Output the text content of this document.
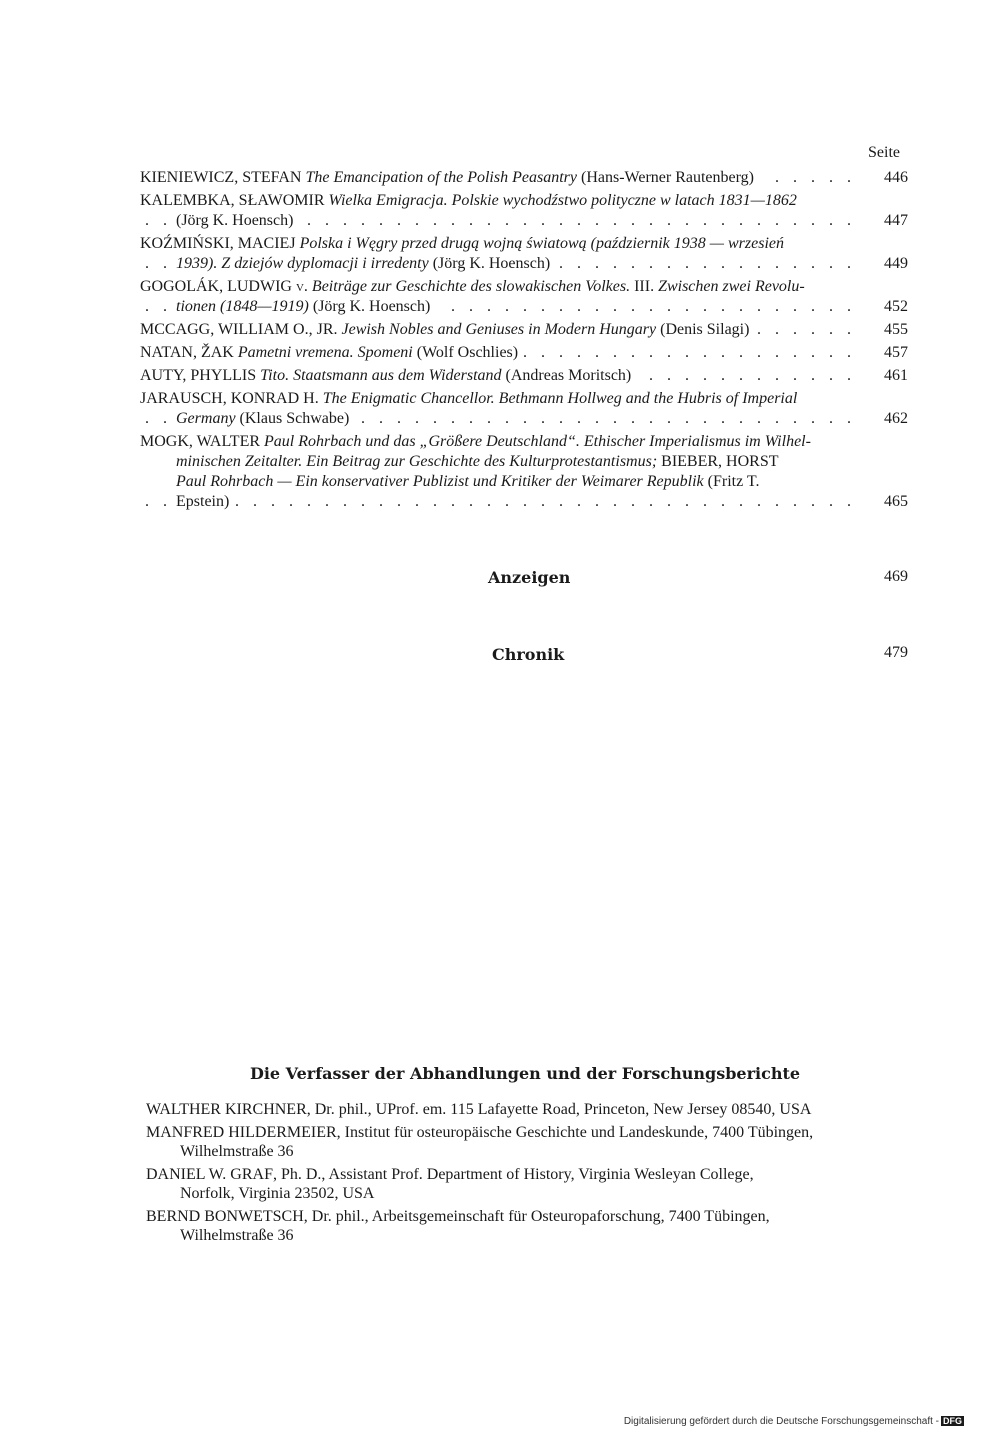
Seite
KIENIEWICZ, STEFAN The Emancipation of the Polish Peasantry (Hans-Werner Rautenberg)	446
. . .
KALEMBKA, SŁAWOMIR Wielka Emigracja. Polskie wychodźstwo polityczne w latach 1831—1862
(Jörg K. Hoensch)	447
. . .
KOŹMIŃSKI, MACIEJ Polska i Węgry przed drugą wojną światową (październik 1938 — wrzesień
1939). Z dziejów dyplomacji i irredenty (Jörg K. Hoensch)	449
. . .
GOGOLÁK, LUDWIG v. Beiträge zur Geschichte des slowakischen Volkes. III. Zwischen zwei Revolu-
tionen (1848—1919) (Jörg K. Hoensch)	452
. . .
MCCAGG, WILLIAM O., JR. Jewish Nobles and Geniuses in Modern Hungary (Denis Silagi)	455
. . .
NATAN, ŽAK Pametni vremena. Spomeni (Wolf Oschlies)	457
. . .
AUTY, PHYLLIS Tito. Staatsmann aus dem Widerstand (Andreas Moritsch)	461
. . .
JARAUSCH, KONRAD H. The Enigmatic Chancellor. Bethmann Hollweg and the Hubris of Imperial
Germany (Klaus Schwabe)	462
. . .
MOGK, WALTER Paul Rohrbach und das „Größere Deutschland“. Ethischer Imperialismus im Wilhel-
minischen Zeitalter. Ein Beitrag zur Geschichte des Kulturprotestantismus; BIEBER, HORST
Paul Rohrbach — Ein konservativer Publizist und Kritiker der Weimarer Republik (Fritz T.
Epstein)	465
. . .
Anzeigen	469
Chronik	479
Die Verfasser der Abhandlungen und der Forschungsberichte
WALTHER KIRCHNER, Dr. phil., UProf. em. 115 Lafayette Road, Princeton, New Jersey 08540, USA
MANFRED HILDERMEIER, Institut für osteuropäische Geschichte und Landeskunde, 7400 Tübingen,
Wilhelmstraße 36
DANIEL W. GRAF, Ph. D., Assistant Prof. Department of History, Virginia Wesleyan College,
Norfolk, Virginia 23502, USA
BERND BONWETSCH, Dr. phil., Arbeitsgemeinschaft für Osteuropaforschung, 7400 Tübingen,
Wilhelmstraße 36
Digitalisierung gefördert durch die Deutsche Forschungsgemeinschaft - DFG
